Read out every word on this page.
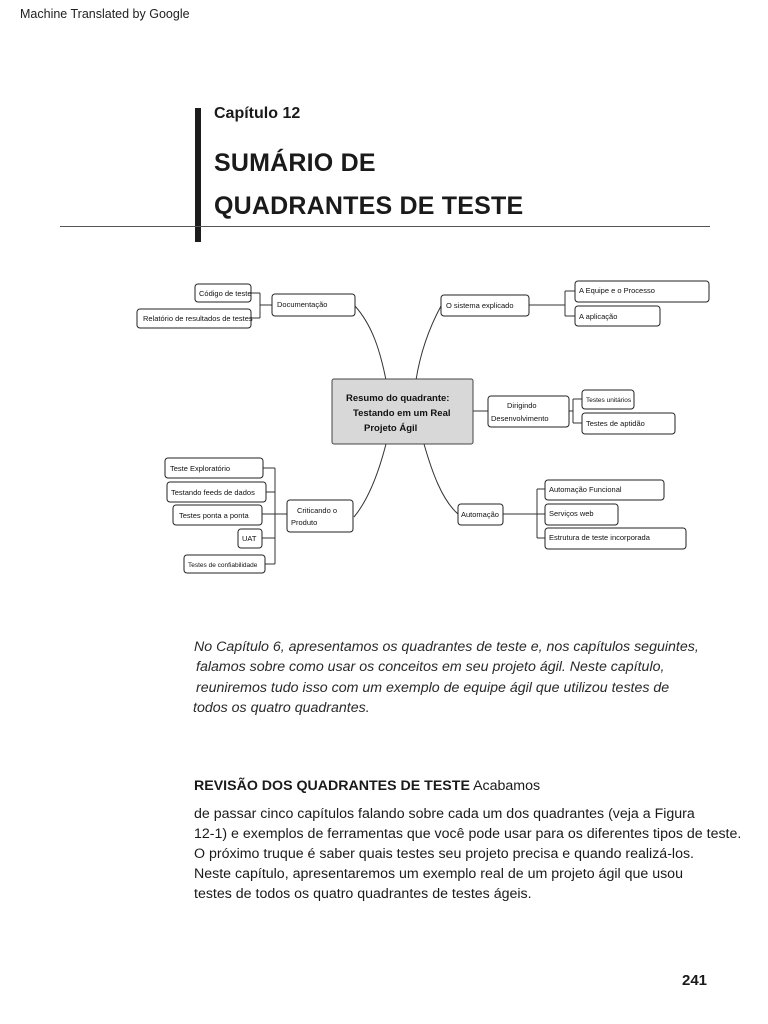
Machine Translated by Google
Capítulo 12
SUMÁRIO DE
QUADRANTES DE TESTE
Resumo do quadrante:
Testando em um Real
Projeto Ágil
Documentação
Código de teste
Relatório de resultados de testes
O sistema explicado
A Equipe e o Processo
A aplicação
Dirigindo
Desenvolvimento
Testes unitários
Testes de aptidão
Criticando o
Produto
Teste Exploratório
Testando feeds de dados
Testes ponta a ponta
UAT
Testes de confiabilidade
Automação
Automação Funcional
Serviços web
Estrutura de teste incorporada
No Capítulo 6, apresentamos os quadrantes de teste e, nos capítulos seguintes,
falamos sobre como usar os conceitos em seu projeto ágil. Neste capítulo,
reuniremos tudo isso com um exemplo de equipe ágil que utilizou testes de
todos os quatro quadrantes.
REVISÃO DOS QUADRANTES DE TESTE Acabamos
de passar cinco capítulos falando sobre cada um dos quadrantes (veja a Figura
12-1) e exemplos de ferramentas que você pode usar para os diferentes tipos de teste.
O próximo truque é saber quais testes seu projeto precisa e quando realizá-los.
Neste capítulo, apresentaremos um exemplo real de um projeto ágil que usou
testes de todos os quatro quadrantes de testes ágeis.
241
